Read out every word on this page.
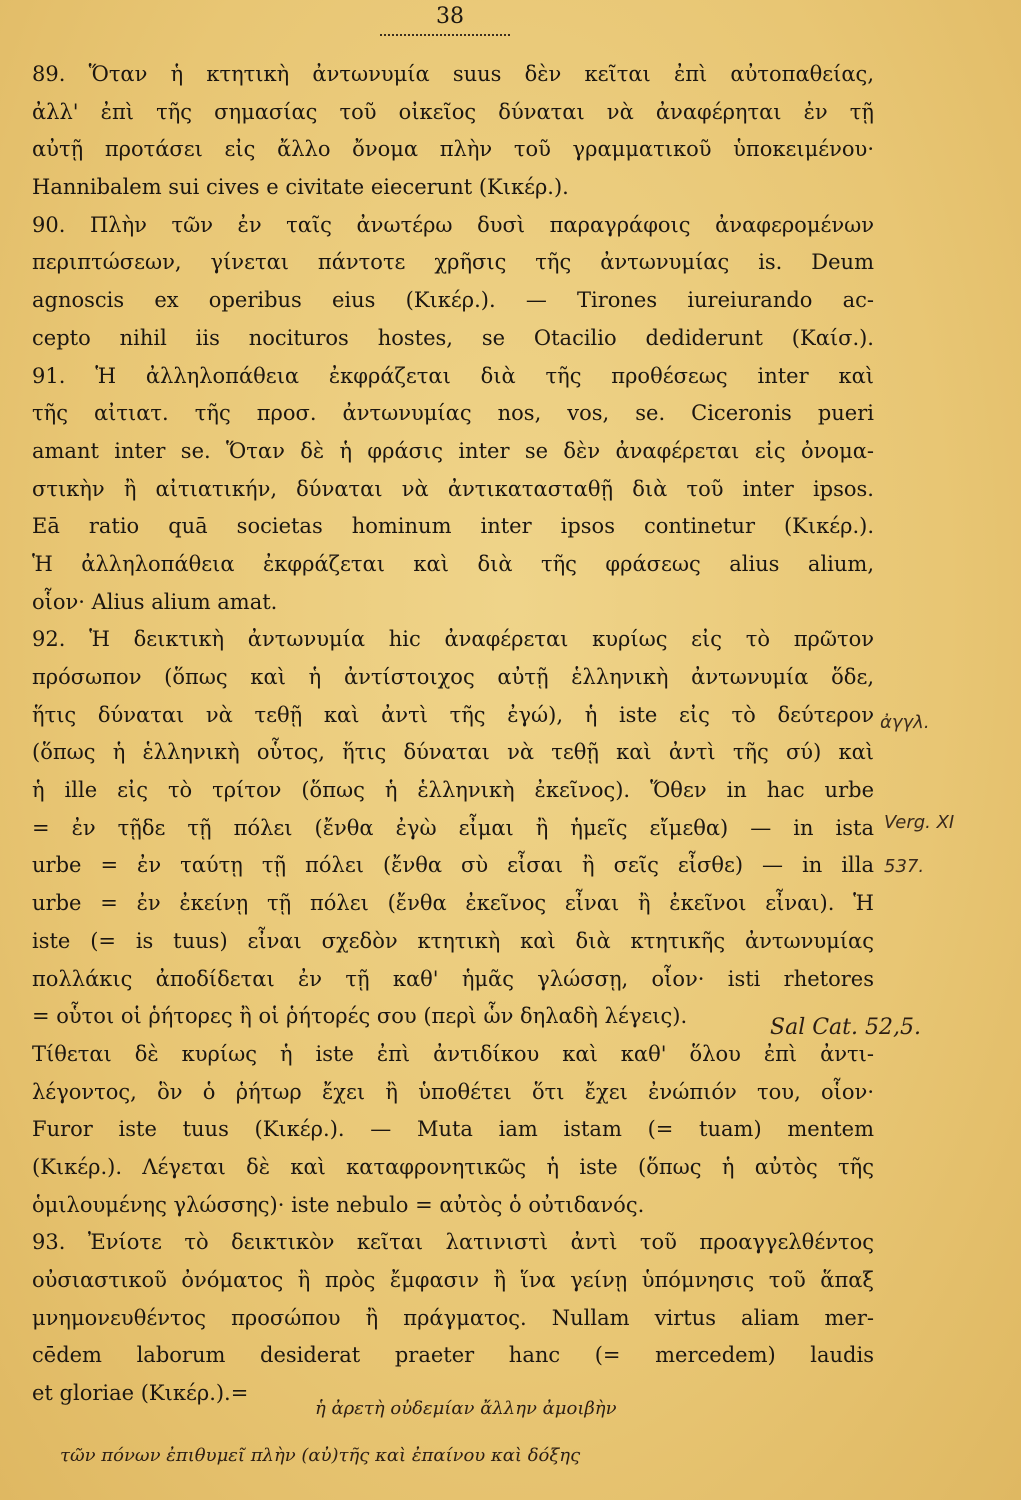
38
89. Ὅταν ἡ κτητικὴ ἀντωνυμία suus δὲν κεῖται ἐπὶ αὐτοπαθείας,
ἀλλ' ἐπὶ τῆς σημασίας τοῦ οἰκεῖος δύναται νὰ ἀναφέρηται ἐν τῇ
αὐτῇ προτάσει εἰς ἄλλο ὄνομα πλὴν τοῦ γραμματικοῦ ὑποκειμένου·
Hannibalem sui cives e civitate eiecerunt (Κικέρ.).
90. Πλὴν τῶν ἐν ταῖς ἀνωτέρω δυσὶ παραγράφοις ἀναφερομένων
περιπτώσεων, γίνεται πάντοτε χρῆσις τῆς ἀντωνυμίας is. Deum
agnoscis ex operibus eius (Κικέρ.). — Tirones iureiurando ac-
cepto nihil iis nocituros hostes, se Otacilio dediderunt (Καίσ.).
91. Ἡ ἀλληλοπάθεια ἐκφράζεται διὰ τῆς προθέσεως inter καὶ
τῆς αἰτιατ. τῆς προσ. ἀντωνυμίας nos, vos, se. Ciceronis pueri
amant inter se. Ὅταν δὲ ἡ φράσις inter se δὲν ἀναφέρεται εἰς ὀνομα-
στικὴν ἢ αἰτιατικήν, δύναται νὰ ἀντικατασταθῇ διὰ τοῦ inter ipsos.
Eā ratio quā societas hominum inter ipsos continetur (Κικέρ.).
Ἡ ἀλληλοπάθεια ἐκφράζεται καὶ διὰ τῆς φράσεως alius alium,
οἷον· Alius alium amat.
92. Ἡ δεικτικὴ ἀντωνυμία hic ἀναφέρεται κυρίως εἰς τὸ πρῶτον
πρόσωπον (ὅπως καὶ ἡ ἀντίστοιχος αὐτῇ ἑλληνικὴ ἀντωνυμία ὅδε,
ἥτις δύναται νὰ τεθῇ καὶ ἀντὶ τῆς ἐγώ), ἡ iste εἰς τὸ δεύτερον
(ὅπως ἡ ἑλληνικὴ οὗτος, ἥτις δύναται νὰ τεθῇ καὶ ἀντὶ τῆς σύ) καὶ
ἡ ille εἰς τὸ τρίτον (ὅπως ἡ ἑλληνικὴ ἐκεῖνος). Ὅθεν in hac urbe
= ἐν τῇδε τῇ πόλει (ἔνθα ἐγὼ εἶμαι ἢ ἡμεῖς εἴμεθα) — in ista
urbe = ἐν ταύτῃ τῇ πόλει (ἔνθα σὺ εἶσαι ἢ σεῖς εἶσθε) — in illa
urbe = ἐν ἐκείνῃ τῇ πόλει (ἔνθα ἐκεῖνος εἶναι ἢ ἐκεῖνοι εἶναι). Ἡ
iste (= is tuus) εἶναι σχεδὸν κτητικὴ καὶ διὰ κτητικῆς ἀντωνυμίας
πολλάκις ἀποδίδεται ἐν τῇ καθ' ἡμᾶς γλώσσῃ, οἷον· isti rhetores
= οὗτοι οἱ ῥήτορες ἢ οἱ ῥήτορές σου (περὶ ὧν δηλαδὴ λέγεις).
Τίθεται δὲ κυρίως ἡ iste ἐπὶ ἀντιδίκου καὶ καθ' ὅλου ἐπὶ ἀντι-
λέγοντος, ὃν ὁ ῥήτωρ ἔχει ἢ ὑποθέτει ὅτι ἔχει ἐνώπιόν του, οἷον·
Furor iste tuus (Κικέρ.). — Muta iam istam (= tuam) mentem
(Κικέρ.). Λέγεται δὲ καὶ καταφρονητικῶς ἡ iste (ὅπως ἡ αὐτὸς τῆς
ὁμιλουμένης γλώσσης)· iste nebulo = αὐτὸς ὁ οὐτιδανός.
93. Ἐνίοτε τὸ δεικτικὸν κεῖται λατινιστὶ ἀντὶ τοῦ προαγγελθέντος
οὐσιαστικοῦ ὀνόματος ἢ πρὸς ἔμφασιν ἢ ἵνα γείνῃ ὑπόμνησις τοῦ ἅπαξ
μνημονευθέντος προσώπου ἢ πράγματος. Nullam virtus aliam mer-
cēdem laborum desiderat praeter hanc (= mercedem) laudis
et gloriae (Κικέρ.).=
Sal Cat. 52,5.
ἀγγλ.
Verg. XI
537.
ἡ ἀρετὴ οὐδεμίαν ἄλλην ἀμοιβὴν
τῶν πόνων ἐπιθυμεῖ πλὴν (αὐ)τῆς καὶ ἐπαίνου καὶ δόξης
